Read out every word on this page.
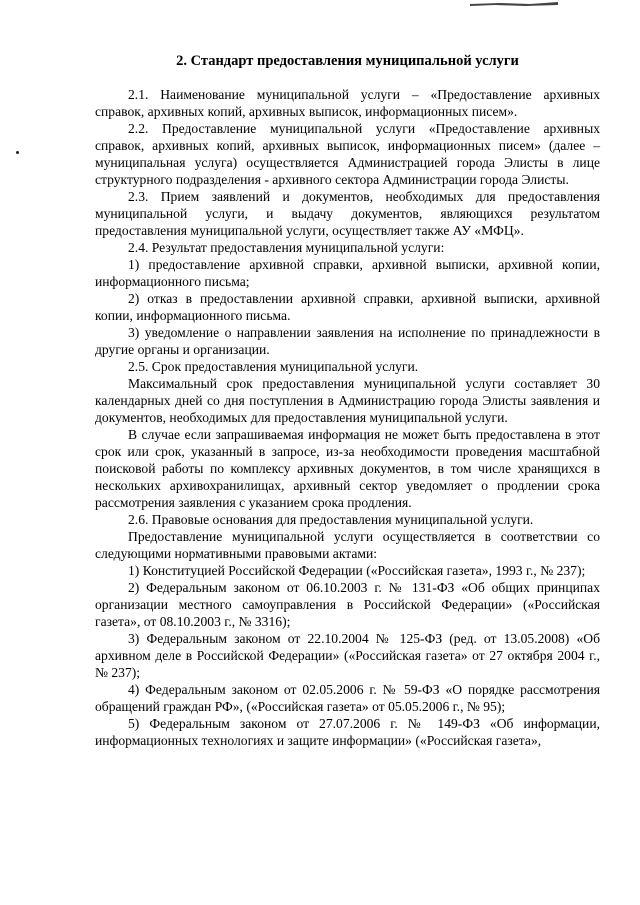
2. Стандарт предоставления муниципальной услуги

2.1. Наименование муниципальной услуги – «Предоставление архивных справок, архивных копий, архивных выписок, информационных писем».

2.2. Предоставление муниципальной услуги «Предоставление архивных справок, архивных копий, архивных выписок, информационных писем» (далее – муниципальная услуга) осуществляется Администрацией города Элисты в лице структурного подразделения - архивного сектора Администрации города Элисты.

2.3. Прием заявлений и документов, необходимых для предоставления муниципальной услуги, и выдачу документов, являющихся результатом предоставления муниципальной услуги, осуществляет также АУ «МФЦ».

2.4. Результат предоставления муниципальной услуги:

1) предоставление архивной справки, архивной выписки, архивной копии, информационного письма;

2) отказ в предоставлении архивной справки, архивной выписки, архивной копии, информационного письма.

3) уведомление о направлении заявления на исполнение по принадлежности в другие органы и организации.

2.5. Срок предоставления муниципальной услуги.

Максимальный срок предоставления муниципальной услуги составляет 30 календарных дней со дня поступления в Администрацию города Элисты заявления и документов, необходимых для предоставления муниципальной услуги.

В случае если запрашиваемая информация не может быть предоставлена в этот срок или срок, указанный в запросе, из-за необходимости проведения масштабной поисковой работы по комплексу архивных документов, в том числе хранящихся в нескольких архивохранилищах, архивный сектор уведомляет о продлении срока рассмотрения заявления с указанием срока продления.

2.6. Правовые основания для предоставления муниципальной услуги.

Предоставление муниципальной услуги осуществляется в соответствии со следующими нормативными правовыми актами:

1) Конституцией Российской Федерации («Российская газета», 1993 г., № 237);

2) Федеральным законом от 06.10.2003 г. № 131-ФЗ «Об общих принципах организации местного самоуправления в Российской Федерации» («Российская газета», от 08.10.2003 г., № 3316);

3) Федеральным законом от 22.10.2004 № 125-ФЗ (ред. от 13.05.2008) «Об архивном деле в Российской Федерации» («Российская газета» от 27 октября 2004 г., № 237);

4) Федеральным законом от 02.05.2006 г. № 59-ФЗ «О порядке рассмотрения обращений граждан РФ», («Российская газета» от 05.05.2006 г., № 95);

5) Федеральным законом от 27.07.2006 г. № 149-ФЗ «Об информации, информационных технологиях и защите информации» («Российская газета»,
